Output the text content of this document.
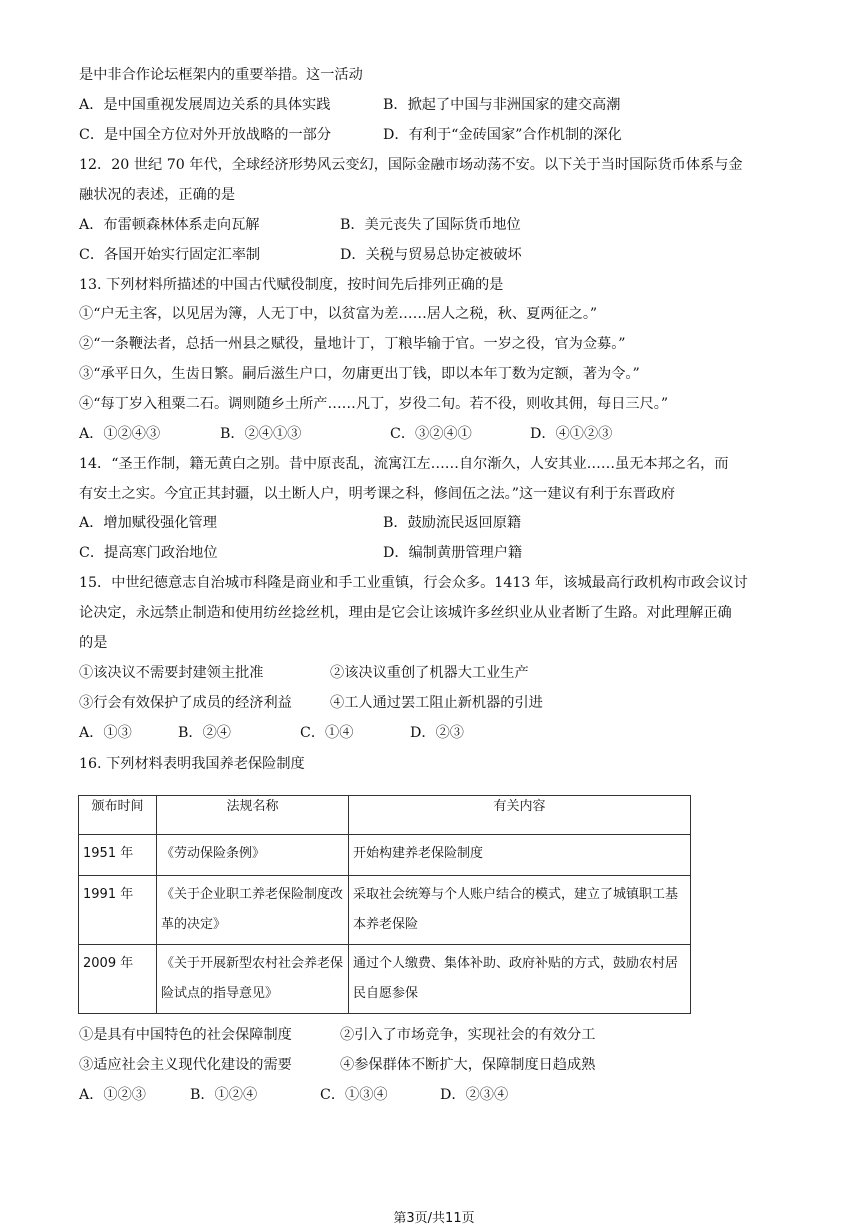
是中非合作论坛框架内的重要举措。这一活动
A．是中国重视发展周边关系的具体实践	B．掀起了中国与非洲国家的建交高潮
C．是中国全方位对外开放战略的一部分	D．有利于“金砖国家”合作机制的深化
12．20 世纪 70 年代，全球经济形势风云变幻，国际金融市场动荡不安。以下关于当时国际货币体系与金
融状况的表述，正确的是
A．布雷顿森林体系走向瓦解	B．美元丧失了国际货币地位
C．各国开始实行固定汇率制	D．关税与贸易总协定被破坏
13. 下列材料所描述的中国古代赋役制度，按时间先后排列正确的是
①“户无主客，以见居为簿，人无丁中，以贫富为差……居人之税，秋、夏两征之。”
②“一条鞭法者，总括一州县之赋役，量地计丁，丁粮毕输于官。一岁之役，官为佥募。”
③“承平日久，生齿日繁。嗣后滋生户口，勿庸更出丁钱，即以本年丁数为定额，著为令。”
④“每丁岁入租粟二石。调则随乡土所产……凡丁，岁役二旬。若不役，则收其佣，每日三尺。”
A．①②④③	B．②④①③	C．③②④①	D．④①②③
14．“圣王作制，籍无黄白之别。昔中原丧乱，流寓江左……自尔渐久，人安其业……虽无本邦之名，而
有安土之实。今宜正其封疆，以土断人户，明考课之科，修闾伍之法。”这一建议有利于东晋政府
A．增加赋役强化管理	B．鼓励流民返回原籍
C．提高寒门政治地位	D．编制黄册管理户籍
15．中世纪德意志自治城市科隆是商业和手工业重镇，行会众多。1413 年，该城最高行政机构市政会议讨
论决定，永远禁止制造和使用纺丝捻丝机，理由是它会让该城许多丝织业从业者断了生路。对此理解正确
的是
①该决议不需要封建领主批准	②该决议重创了机器大工业生产
③行会有效保护了成员的经济利益	④工人通过罢工阻止新机器的引进
A．①③	B．②④	C．①④	D．②③
16. 下列材料表明我国养老保险制度
颁布时间	法规名称	有关内容
1951 年	《劳动保险条例》	开始构建养老保险制度
1991 年	《关于企业职工养老保险制度改革的决定》	采取社会统筹与个人账户结合的模式，建立了城镇职工基本养老保险
2009 年	《关于开展新型农村社会养老保险试点的指导意见》	通过个人缴费、集体补助、政府补贴的方式，鼓励农村居民自愿参保
①是具有中国特色的社会保障制度	②引入了市场竞争，实现社会的有效分工
③适应社会主义现代化建设的需要	④参保群体不断扩大，保障制度日趋成熟
A．①②③	B．①②④	C．①③④	D．②③④
第3页/共11页
